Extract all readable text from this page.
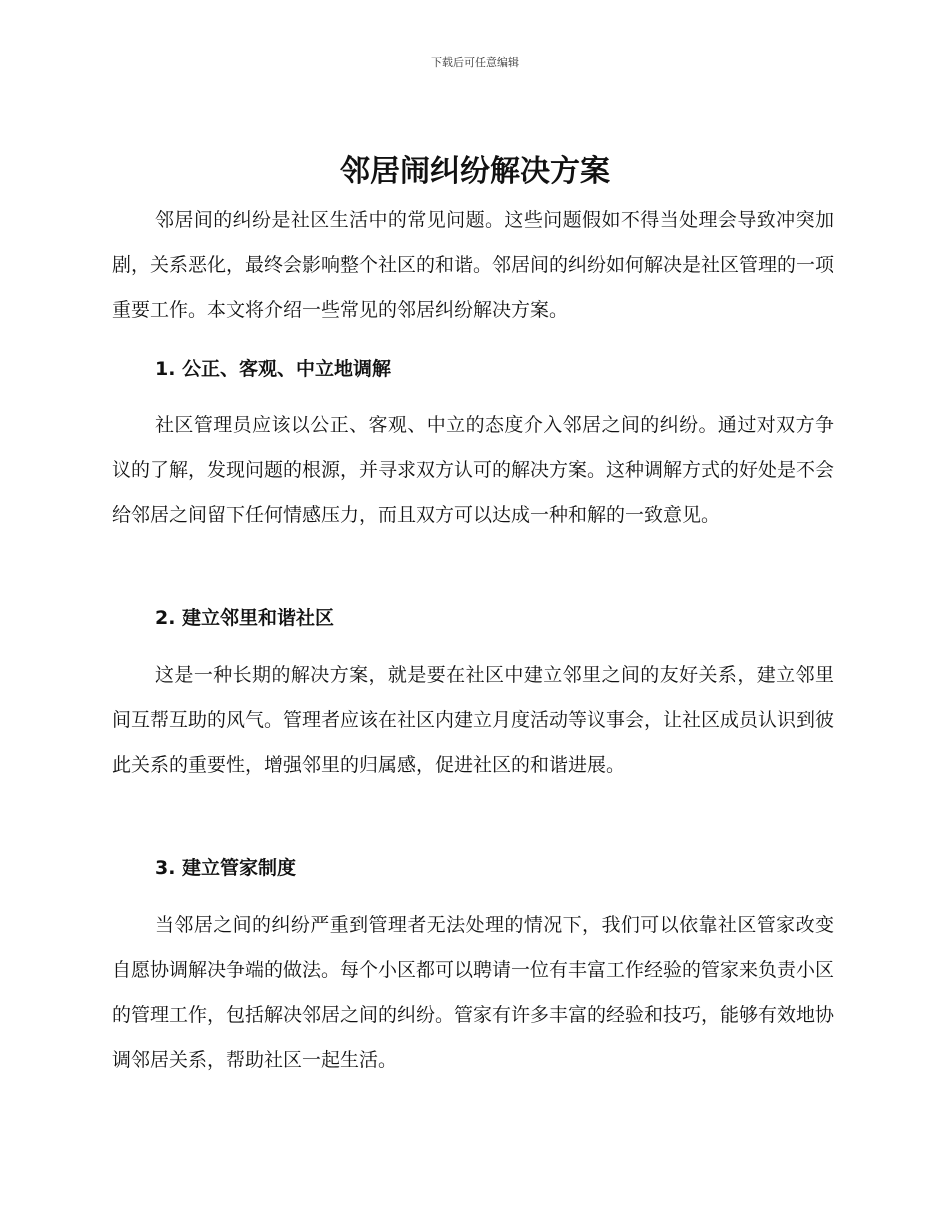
下载后可任意编辑
邻居闹纠纷解决方案

邻居间的纠纷是社区生活中的常见问题。这些问题假如不得当处理会导致冲突加剧，关系恶化，最终会影响整个社区的和谐。邻居间的纠纷如何解决是社区管理的一项重要工作。本文将介绍一些常见的邻居纠纷解决方案。

1. 公正、客观、中立地调解

社区管理员应该以公正、客观、中立的态度介入邻居之间的纠纷。通过对双方争议的了解，发现问题的根源，并寻求双方认可的解决方案。这种调解方式的好处是不会给邻居之间留下任何情感压力，而且双方可以达成一种和解的一致意见。

2. 建立邻里和谐社区

这是一种长期的解决方案，就是要在社区中建立邻里之间的友好关系，建立邻里间互帮互助的风气。管理者应该在社区内建立月度活动等议事会，让社区成员认识到彼此关系的重要性，增强邻里的归属感，促进社区的和谐进展。

3. 建立管家制度

当邻居之间的纠纷严重到管理者无法处理的情况下，我们可以依靠社区管家改变自愿协调解决争端的做法。每个小区都可以聘请一位有丰富工作经验的管家来负责小区的管理工作，包括解决邻居之间的纠纷。管家有许多丰富的经验和技巧，能够有效地协调邻居关系，帮助社区一起生活。
